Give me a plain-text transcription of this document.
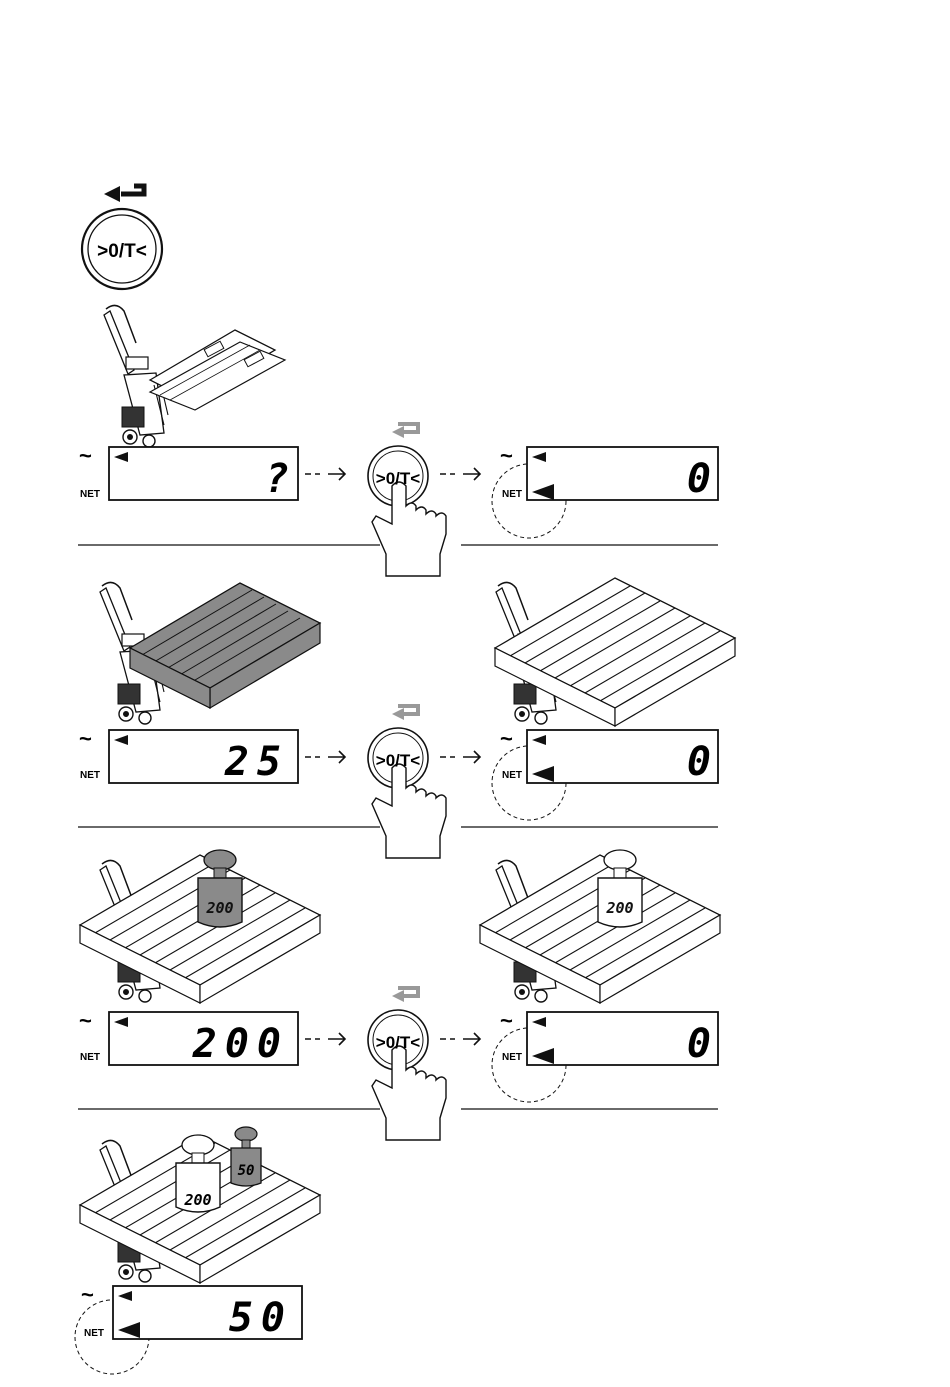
>0/T<
~
NET	?	>0/T<
~
NET	0
~
NET	25	>0/T<
~
NET	0
200	200
~
NET 200	>0/T<
~
NET	0
200
50
~
NET	50
